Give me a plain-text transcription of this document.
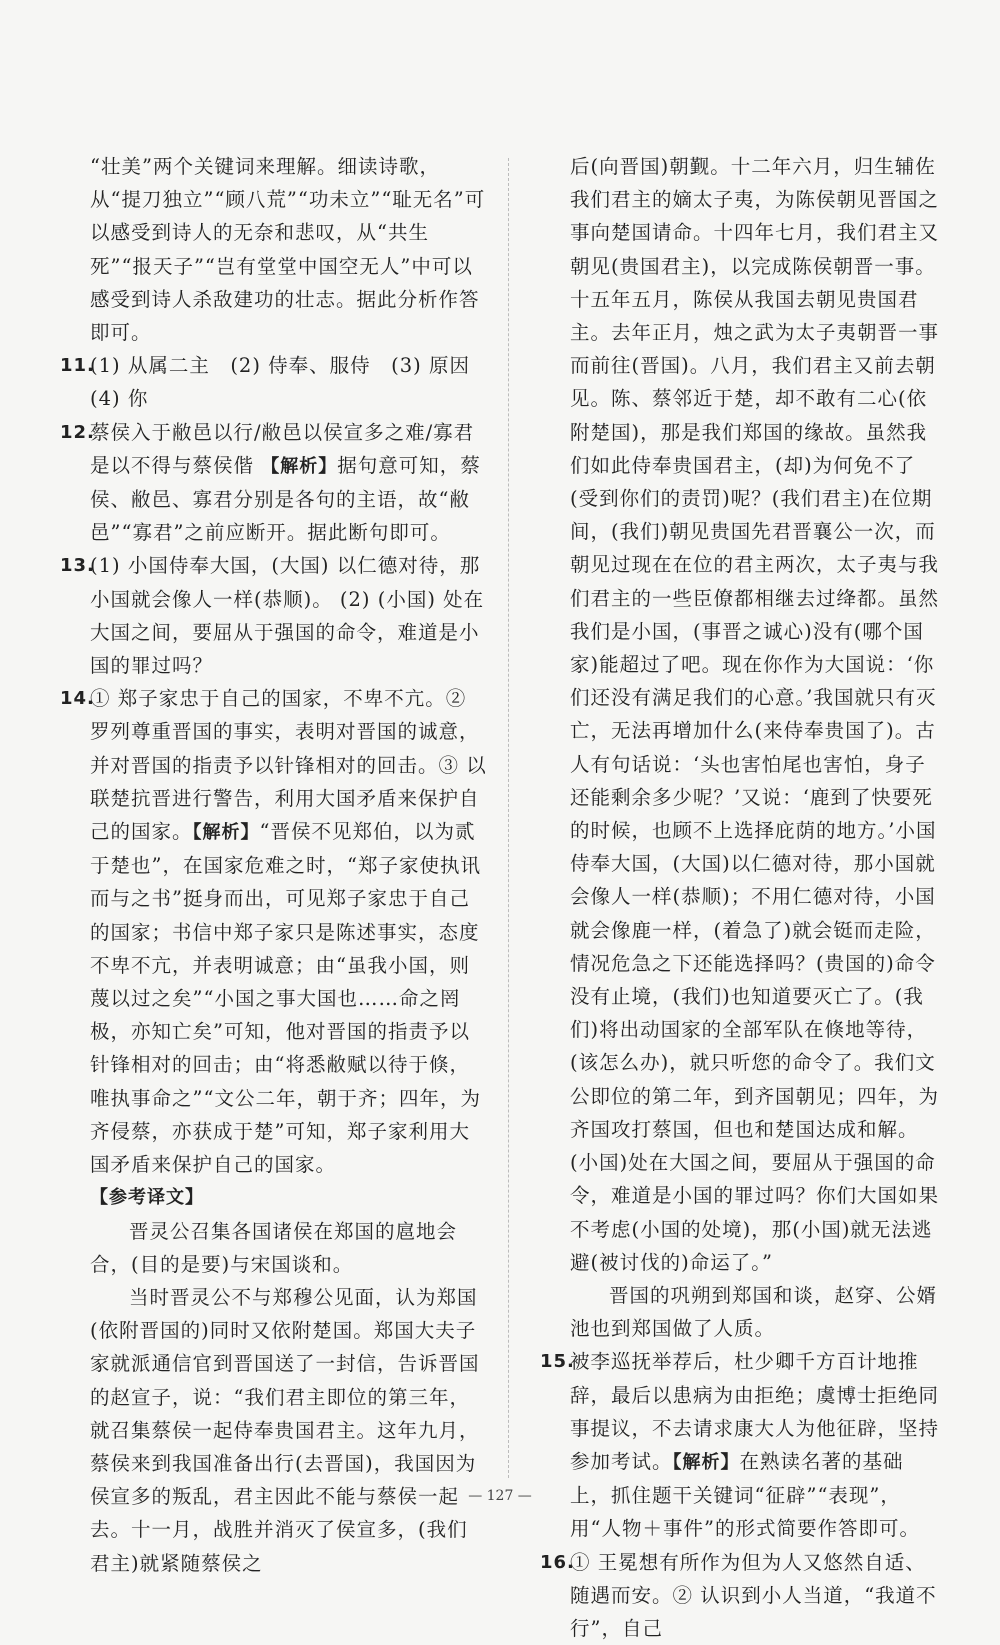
“壮美”两个关键词来理解。细读诗歌，从“提刀独立”“顾八荒”“功未立”“耻无名”可以感受到诗人的无奈和悲叹，从“共生死”“报天子”“岂有堂堂中国空无人”中可以感受到诗人杀敌建功的壮志。据此分析作答即可。

11.
(1) 从属二主　(2) 侍奉、服侍　(3) 原因　(4) 你
12.
蔡侯入于敝邑以行/敝邑以侯宣多之难/寡君是以不得与蔡侯偕 【解析】据句意可知，蔡侯、敝邑、寡君分别是各句的主语，故“敝邑”“寡君”之前应断开。据此断句即可。
13.
(1) 小国侍奉大国，(大国) 以仁德对待，那小国就会像人一样(恭顺)。 (2) (小国) 处在大国之间，要屈从于强国的命令，难道是小国的罪过吗？
14.
① 郑子家忠于自己的国家，不卑不亢。② 罗列尊重晋国的事实，表明对晋国的诚意，并对晋国的指责予以针锋相对的回击。③ 以联楚抗晋进行警告，利用大国矛盾来保护自己的国家。【解析】“晋侯不见郑伯，以为贰于楚也”，在国家危难之时，“郑子家使执讯而与之书”挺身而出，可见郑子家忠于自己的国家；书信中郑子家只是陈述事实，态度不卑不亢，并表明诚意；由“虽我小国，则蔑以过之矣”“小国之事大国也……命之罔极，亦知亡矣”可知，他对晋国的指责予以针锋相对的回击；由“将悉敝赋以待于倏，唯执事命之”“文公二年，朝于齐；四年，为齐侵蔡，亦获成于楚”可知，郑子家利用大国矛盾来保护自己的国家。

【参考译文】

晋灵公召集各国诸侯在郑国的扈地会合，(目的是要)与宋国谈和。

当时晋灵公不与郑穆公见面，认为郑国(依附晋国的)同时又依附楚国。郑国大夫子家就派通信官到晋国送了一封信，告诉晋国的赵宣子，说：“我们君主即位的第三年，就召集蔡侯一起侍奉贵国君主。这年九月，蔡侯来到我国准备出行(去晋国)，我国因为侯宣多的叛乱，君主因此不能与蔡侯一起去。十一月，战胜并消灭了侯宣多，(我们君主)就紧随蔡侯之

后(向晋国)朝觐。十二年六月，归生辅佐我们君主的嫡太子夷，为陈侯朝见晋国之事向楚国请命。十四年七月，我们君主又朝见(贵国君主)，以完成陈侯朝晋一事。十五年五月，陈侯从我国去朝见贵国君主。去年正月，烛之武为太子夷朝晋一事而前往(晋国)。八月，我们君主又前去朝见。陈、蔡邻近于楚，却不敢有二心(依附楚国)，那是我们郑国的缘故。虽然我们如此侍奉贵国君主，(却)为何免不了(受到你们的责罚)呢？(我们君主)在位期间，(我们)朝见贵国先君晋襄公一次，而朝见过现在在位的君主两次，太子夷与我们君主的一些臣僚都相继去过绛都。虽然我们是小国，(事晋之诚心)没有(哪个国家)能超过了吧。现在你作为大国说：‘你们还没有满足我们的心意。’我国就只有灭亡，无法再增加什么(来侍奉贵国了)。古人有句话说：‘头也害怕尾也害怕，身子还能剩余多少呢？’又说：‘鹿到了快要死的时候，也顾不上选择庇荫的地方。’小国侍奉大国，(大国)以仁德对待，那小国就会像人一样(恭顺)；不用仁德对待，小国就会像鹿一样，(着急了)就会铤而走险，情况危急之下还能选择吗？(贵国的)命令没有止境，(我们)也知道要灭亡了。(我们)将出动国家的全部军队在倏地等待，(该怎么办)，就只听您的命令了。我们文公即位的第二年，到齐国朝见；四年，为齐国攻打蔡国，但也和楚国达成和解。(小国)处在大国之间，要屈从于强国的命令，难道是小国的罪过吗？你们大国如果不考虑(小国的处境)，那(小国)就无法逃避(被讨伐的)命运了。”

晋国的巩朔到郑国和谈，赵穿、公婿池也到郑国做了人质。

15.
被李巡抚举荐后，杜少卿千方百计地推辞，最后以患病为由拒绝；虞博士拒绝同事提议，不去请求康大人为他征辟，坚持参加考试。【解析】在熟读名著的基础上，抓住题干关键词“征辟”“表现”，用“人物＋事件”的形式简要作答即可。
16.
① 王冕想有所作为但为人又悠然自适、随遇而安。② 认识到小人当道，“我道不行”，自己
— 127 —
